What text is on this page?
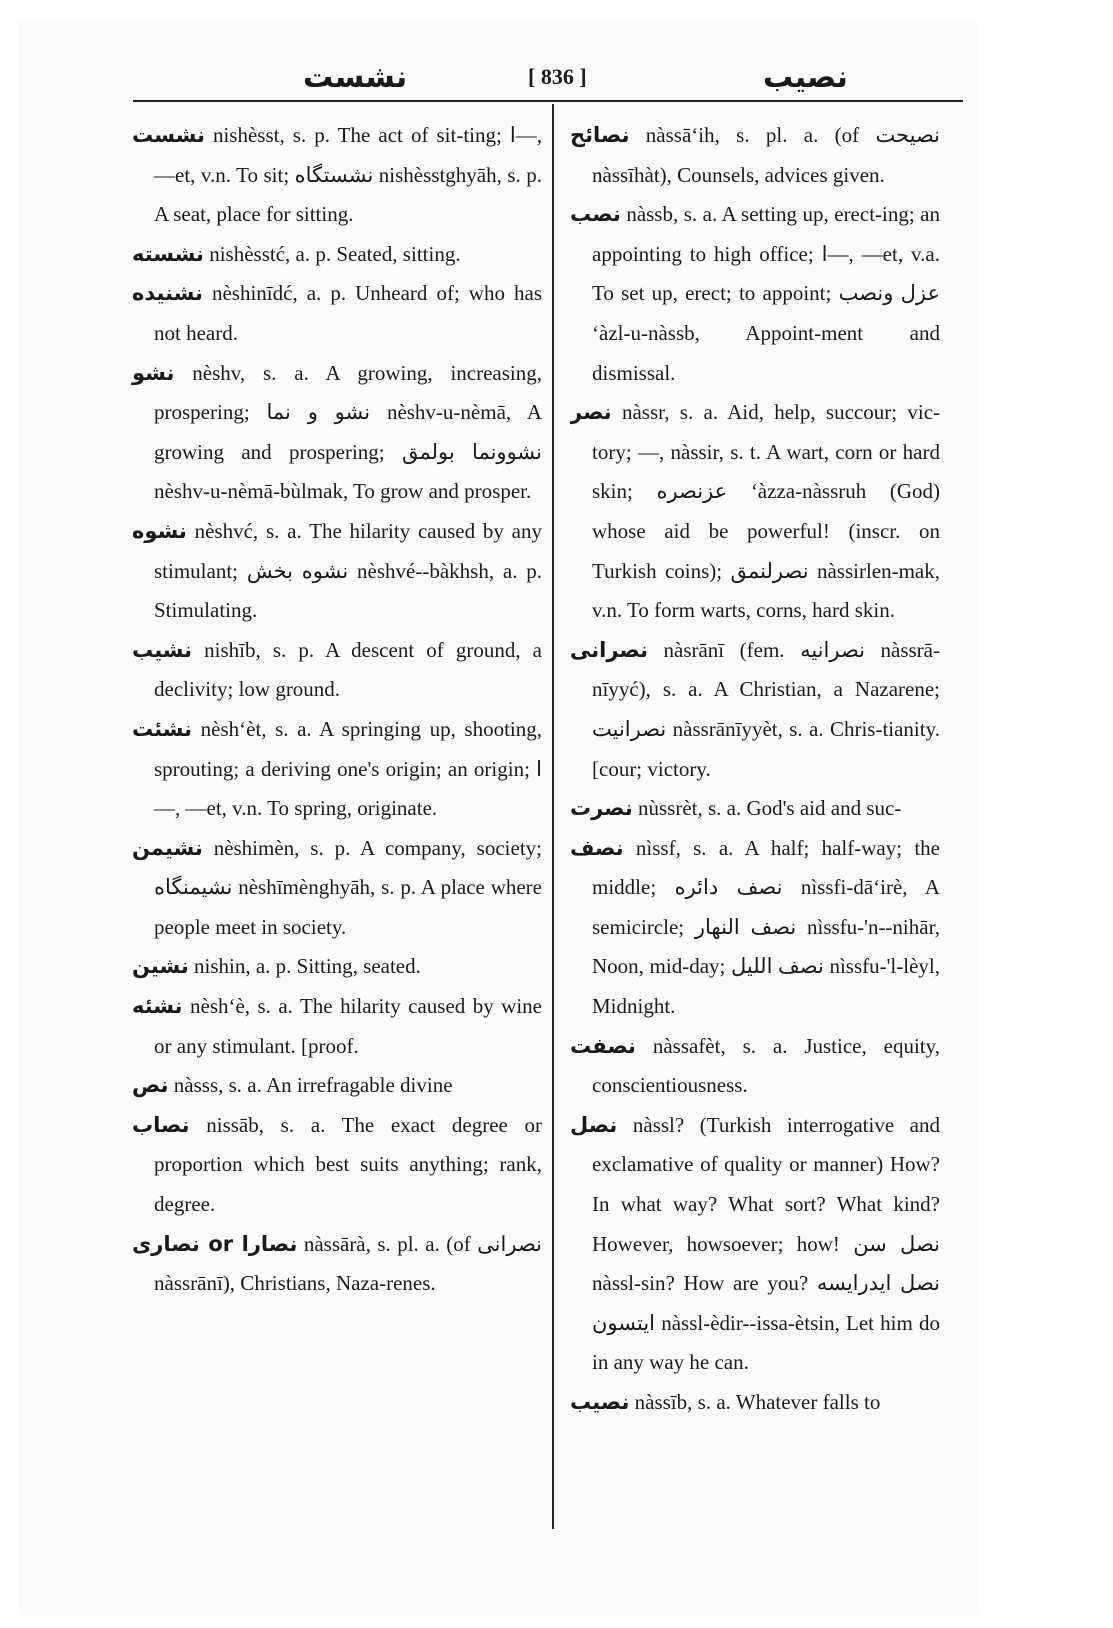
نشست	[ 836 ]	نصيب

نشست nishèsst, s. p. The act of sit-ting; ا—, —et, v.n. To sit; نشستگاه nishèsstghyāh, s. p. A seat, place for sitting.

نشسته nishèsstć, a. p. Seated, sitting.

نشنيده nèshinīdć, a. p. Unheard of; who has not heard.

نشو nèshv, s. a. A growing, increasing, prospering; نشو و نما nèshv-u-nèmā, A growing and prospering; نشوونما بولمق nèshv-u-nèmā-bùlmak, To grow and prosper.

نشوه nèshvć, s. a. The hilarity caused by any stimulant; نشوه بخش nèshvé--bàkhsh, a. p. Stimulating.

نشيب nishīb, s. p. A descent of ground, a declivity; low ground.

نشئت nèsh‘èt, s. a. A springing up, shooting, sprouting; a deriving one's origin; an origin; ا—, —et, v.n. To spring, originate.

نشيمن nèshimèn, s. p. A company, society; نشيمنگاه nèshīmènghyāh, s. p. A place where people meet in society.

نشين nishin, a. p. Sitting, seated.

نشئه nèsh‘è, s. a. The hilarity caused by wine or any stimulant. [proof.

نص nàsss, s. a. An irrefragable divine

نصاب nissāb, s. a. The exact degree or proportion which best suits anything; rank, degree.

نصارا or نصارى nàssārà, s. pl. a. (of نصرانى nàssrānī), Christians, Naza-renes.

نصائح nàssā‘ih, s. pl. a. (of نصيحت nàssīhàt), Counsels, advices given.

نصب nàssb, s. a. A setting up, erect-ing; an appointing to high office; ا—, —et, v.a. To set up, erect; to appoint; عزل ونصب ‘àzl-u-nàssb, Appoint-ment and dismissal.

نصر nàssr, s. a. Aid, help, succour; vic-tory; —, nàssir, s. t. A wart, corn or hard skin; عزنصره ‘àzza-nàssruh (God) whose aid be powerful! (inscr. on Turkish coins); نصرلنمق nàssirlen-mak, v.n. To form warts, corns, hard skin.

نصرانى nàsrānī (fem. نصرانيه nàssrā-nīyyć), s. a. A Christian, a Nazarene; نصرانيت nàssrānīyyèt, s. a. Chris-tianity. [cour; victory.

نصرت nùssrèt, s. a. God's aid and suc-

نصف nìssf, s. a. A half; half-way; the middle; نصف دائره nìssfi-dā‘irè, A semicircle; نصف النهار nìssfu-'n--nihār, Noon, mid-day; نصف الليل nìssfu-'l-lèyl, Midnight.

نصفت nàssafèt, s. a. Justice, equity, conscientiousness.

نصل nàssl? (Turkish interrogative and exclamative of quality or manner) How? In what way? What sort? What kind? However, howsoever; how! نصل سن nàssl-sin? How are you? نصل ايدرايسه ايتسون nàssl-èdir--issa-ètsin, Let him do in any way he can.

نصيب nàssīb, s. a. Whatever falls to
